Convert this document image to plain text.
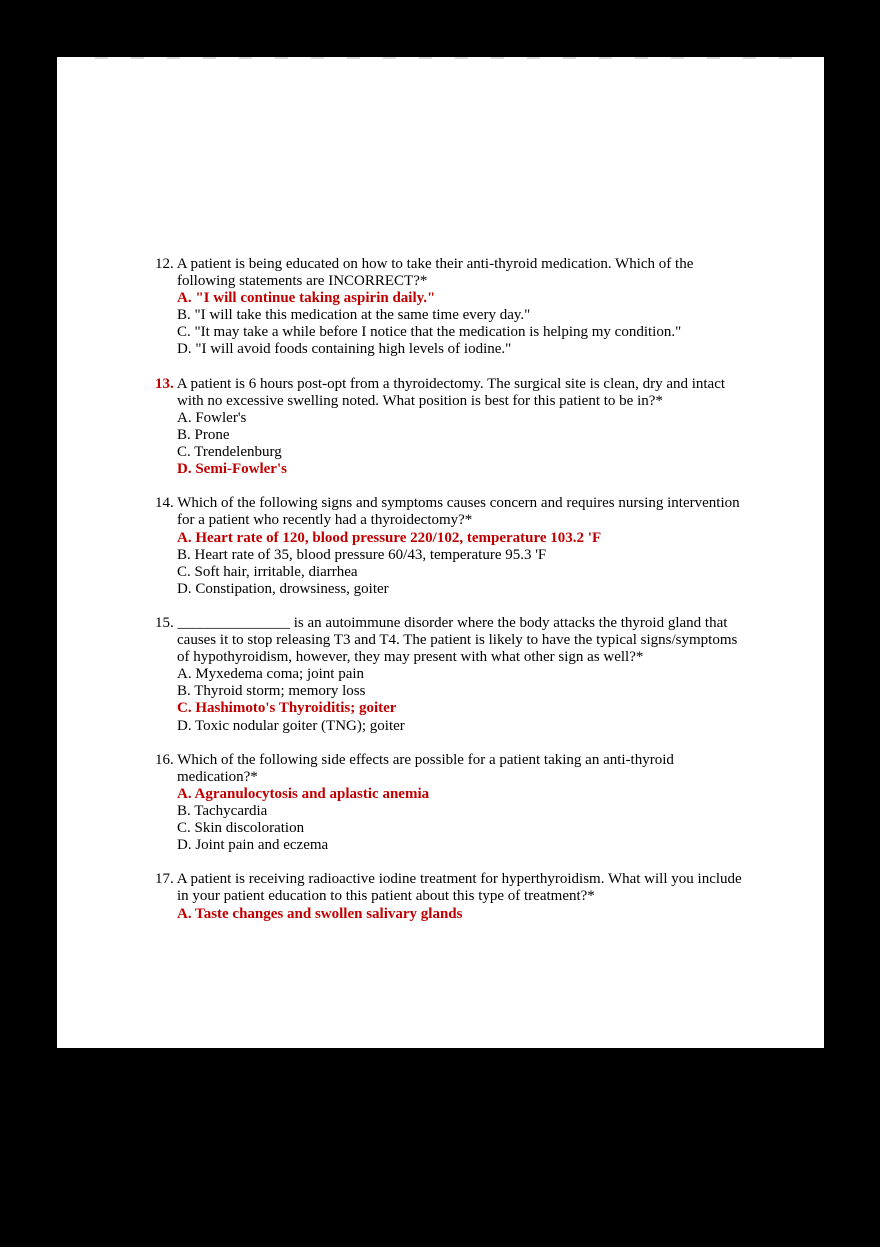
12. A patient is being educated on how to take their anti-thyroid medication. Which of the following statements are INCORRECT?*
A. "I will continue taking aspirin daily."
B. "I will take this medication at the same time every day."
C. "It may take a while before I notice that the medication is helping my condition."
D. "I will avoid foods containing high levels of iodine."
13. A patient is 6 hours post-opt from a thyroidectomy. The surgical site is clean, dry and intact with no excessive swelling noted. What position is best for this patient to be in?*
A. Fowler's
B. Prone
C. Trendelenburg
D. Semi-Fowler's
14. Which of the following signs and symptoms causes concern and requires nursing intervention for a patient who recently had a thyroidectomy?*
A. Heart rate of 120, blood pressure 220/102, temperature 103.2 'F
B. Heart rate of 35, blood pressure 60/43, temperature 95.3 'F
C. Soft hair, irritable, diarrhea
D. Constipation, drowsiness, goiter
15. _______________ is an autoimmune disorder where the body attacks the thyroid gland that causes it to stop releasing T3 and T4. The patient is likely to have the typical signs/symptoms of hypothyroidism, however, they may present with what other sign as well?*
A. Myxedema coma; joint pain
B. Thyroid storm; memory loss
C. Hashimoto's Thyroiditis; goiter
D. Toxic nodular goiter (TNG); goiter
16. Which of the following side effects are possible for a patient taking an anti-thyroid medication?*
A. Agranulocytosis and aplastic anemia
B. Tachycardia
C. Skin discoloration
D. Joint pain and eczema
17. A patient is receiving radioactive iodine treatment for hyperthyroidism. What will you include in your patient education to this patient about this type of treatment?*
A. Taste changes and swollen salivary glands
